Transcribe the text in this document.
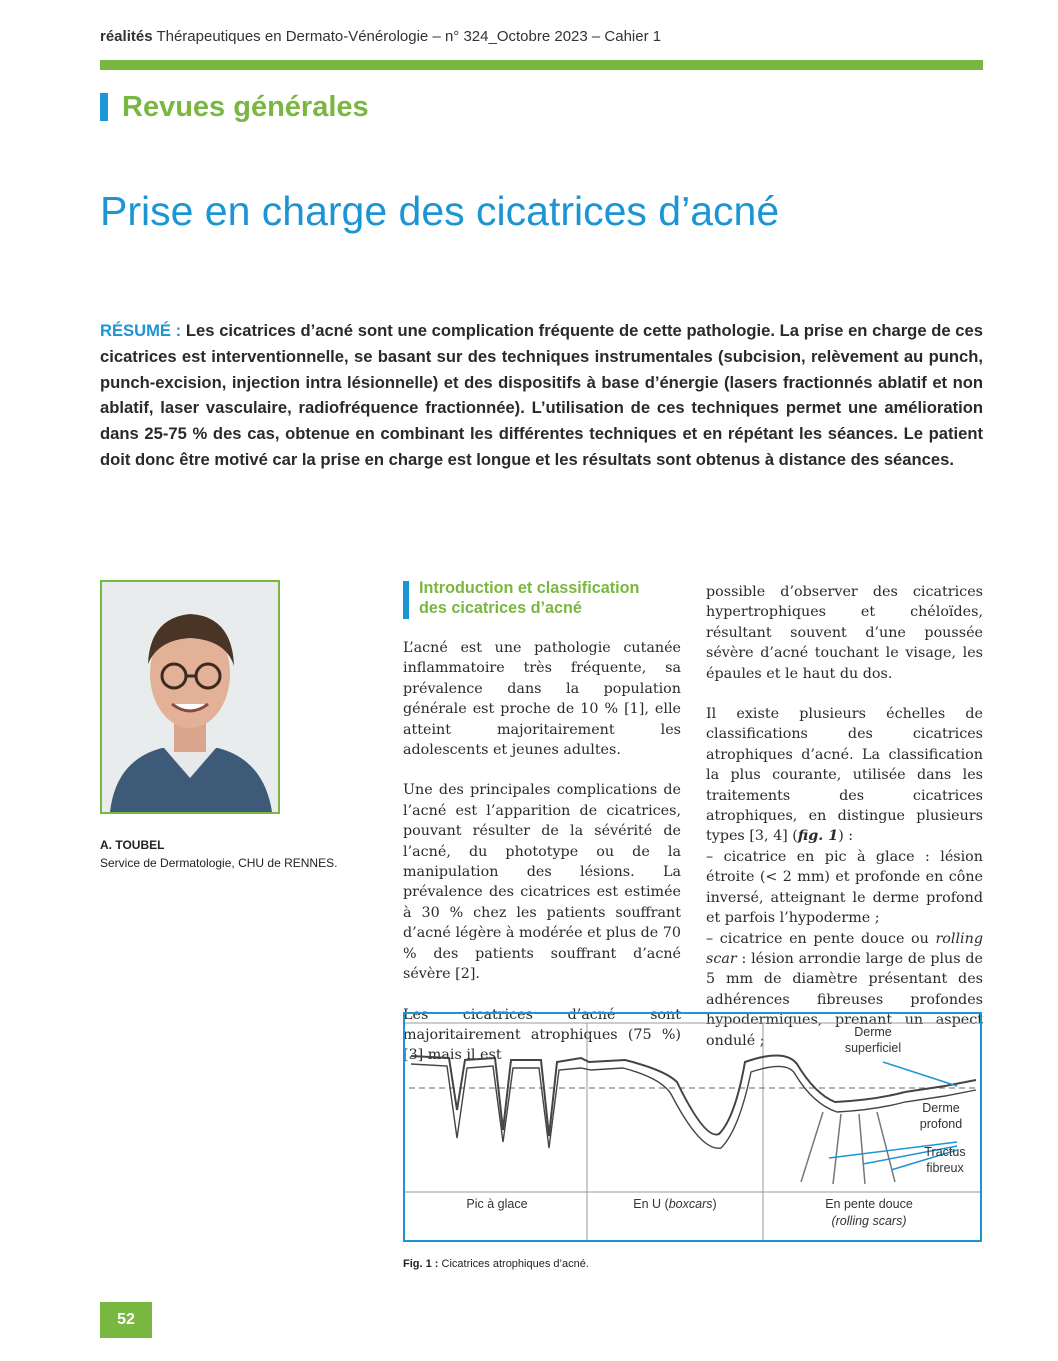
réalités Thérapeutiques en Dermato-Vénérologie – n° 324_Octobre 2023 – Cahier 1
Revues générales
Prise en charge des cicatrices d’acné
RÉSUMÉ : Les cicatrices d’acné sont une complication fréquente de cette pathologie. La prise en charge de ces cicatrices est interventionnelle, se basant sur des techniques instrumentales (subcision, relèvement au punch, punch-excision, injection intra lésionnelle) et des dispositifs à base d’énergie (lasers fractionnés ablatif et non ablatif, laser vasculaire, radiofréquence fractionnée). L’utilisation de ces techniques permet une amélioration dans 25-75 % des cas, obtenue en combinant les différentes techniques et en répétant les séances. Le patient doit donc être motivé car la prise en charge est longue et les résultats sont obtenus à distance des séances.
A. TOUBEL
Service de Dermatologie, CHU de RENNES.
Introduction et classification
des cicatrices d’acné

L’acné est une pathologie cutanée inflammatoire très fréquente, sa prévalence dans la population générale est proche de 10 % [1], elle atteint majoritairement les adolescents et jeunes adultes.

Une des principales complications de l’acné est l’apparition de cicatrices, pouvant résulter de la sévérité de l’acné, du phototype ou de la manipulation des lésions. La prévalence des cicatrices est estimée à 30 % chez les patients souffrant d’acné légère à modérée et plus de 70 % des patients souffrant d’acné sévère [2].

Les cicatrices d’acné sont majoritairement atrophiques (75 %) [3] mais il est

possible d’observer des cicatrices hypertrophiques et chéloïdes, résultant souvent d’une poussée sévère d’acné touchant le visage, les épaules et le haut du dos.

Il existe plusieurs échelles de classifications des cicatrices atrophiques d’acné. La classification la plus courante, utilisée dans les traitements des cicatrices atrophiques, en distingue plusieurs types [3, 4] (fig. 1) :

– cicatrice en pic à glace : lésion étroite (< 2 mm) et profonde en cône inversé, atteignant le derme profond et parfois l’hypoderme ;
– cicatrice en pente douce ou rolling scar : lésion arrondie large de plus de 5 mm de diamètre présentant des adhérences fibreuses profondes hypodermiques, prenant un aspect ondulé ;
Derme
superficiel
Derme
profond
Tractus
fibreux
Pic à glace	En U (boxcars)	En pente douce
(rolling scars)
Fig. 1 : Cicatrices atrophiques d’acné.
52
